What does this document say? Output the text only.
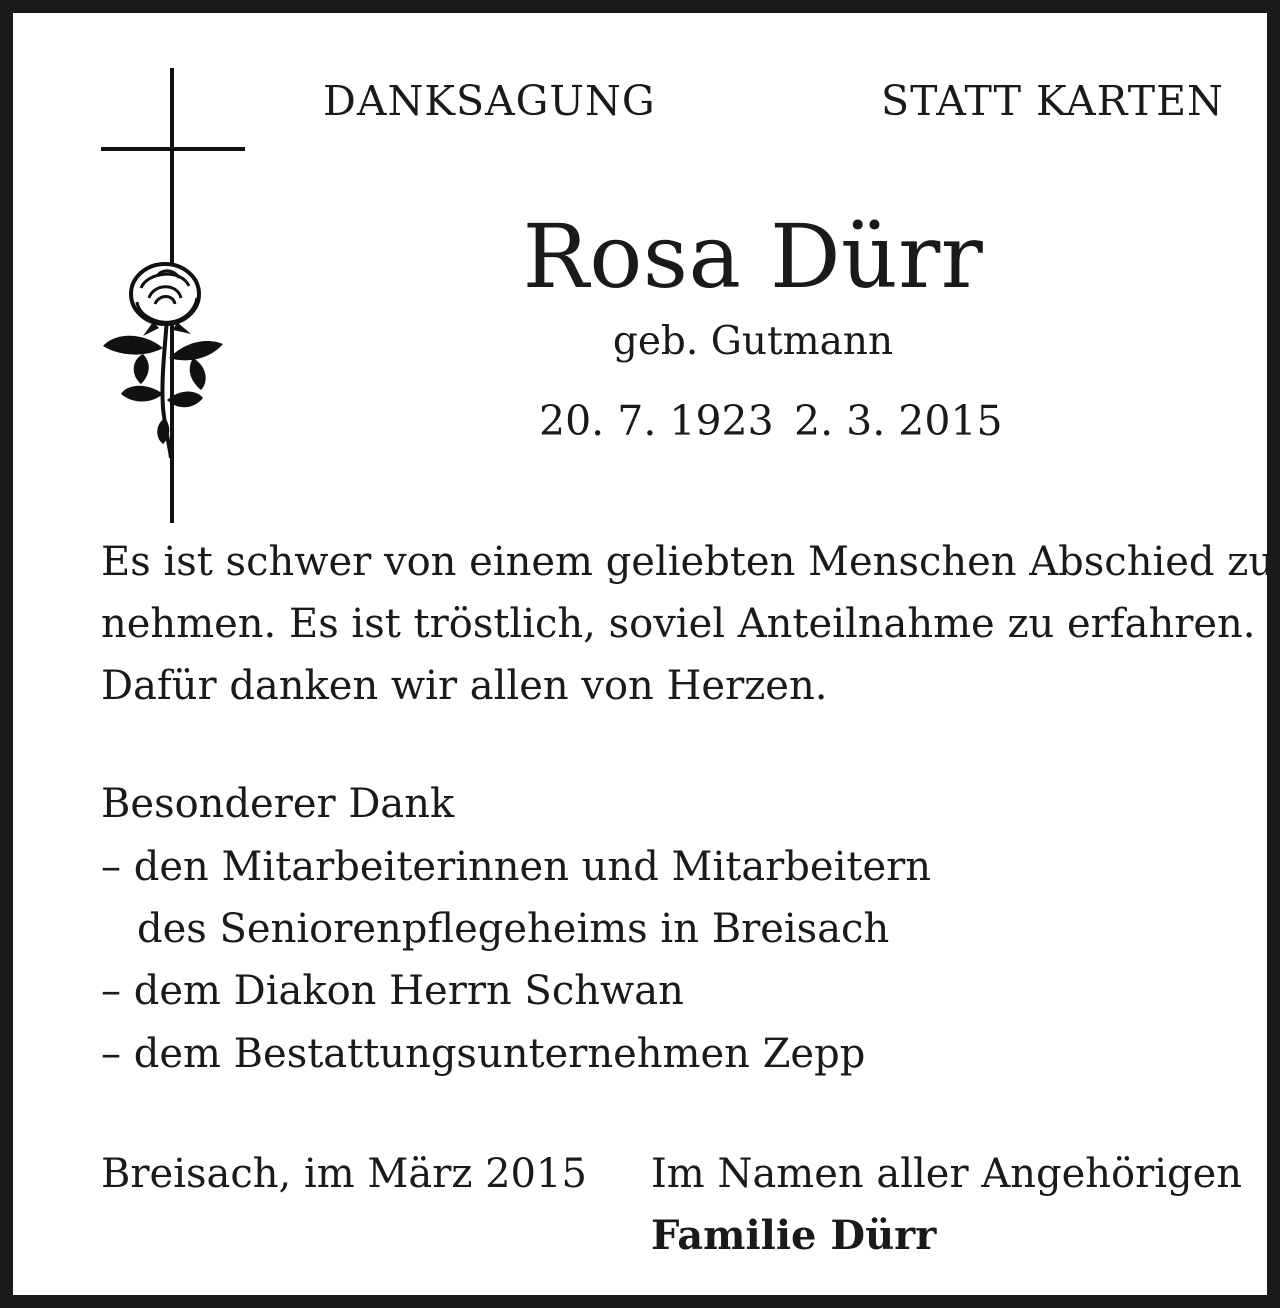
DANKSAGUNG	STATT KARTEN
Rosa Dürr
geb. Gutmann
20. 7. 1923 2. 3. 2015
Es ist schwer von einem geliebten Menschen Abschied zu
nehmen. Es ist tröstlich, soviel Anteilnahme zu erfahren.
Dafür danken wir allen von Herzen.
Besonderer Dank
– den Mitarbeiterinnen und Mitarbeitern
des Seniorenpflegeheims in Breisach
– dem Diakon Herrn Schwan
– dem Bestattungsunternehmen Zepp
Breisach, im März 2015 Im Namen aller Angehörigen
Familie Dürr
